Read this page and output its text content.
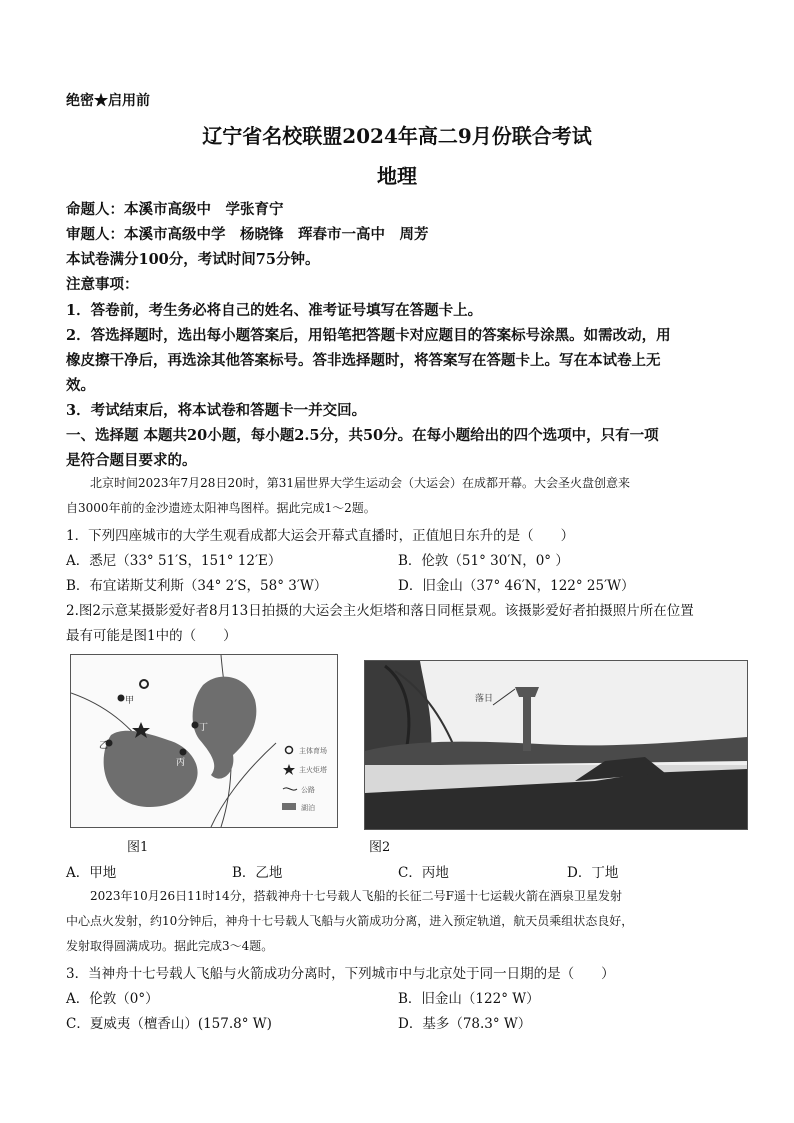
绝密★启用前
辽宁省名校联盟2024年高二9月份联合考试
地理
命题人：本溪市高级中　学张育宁
审题人：本溪市高级中学　杨晓锋　珲春市一高中　周芳
本试卷满分100分，考试时间75分钟。
注意事项：
1．答卷前，考生务必将自己的姓名、准考证号填写在答题卡上。
2．答选择题时，选出每小题答案后，用铅笔把答题卡对应题目的答案标号涂黑。如需改动，用
橡皮擦干净后，再选涂其他答案标号。答非选择题时，将答案写在答题卡上。写在本试卷上无
效。
3．考试结束后，将本试卷和答题卡一并交回。
一、选择题 本题共20小题，每小题2.5分，共50分。在每小题给出的四个选项中，只有一项
是符合题目要求的。
北京时间2023年7月28日20时，第31届世界大学生运动会（大运会）在成都开幕。大会圣火盘创意来
自3000年前的金沙遗迹太阳神鸟图样。据此完成1～2题。
1．下列四座城市的大学生观看成都大运会开幕式直播时，正值旭日东升的是（　　）
A．悉尼（33° 51′S，151° 12′E）	B．伦敦（51° 30′N，0° ）
B．布宜诺斯艾利斯（34° 2′S，58° 3′W）	D．旧金山（37° 46′N，122° 25′W）
2.图2示意某摄影爱好者8月13日拍摄的大运会主火炬塔和落日同框景观。该摄影爱好者拍摄照片所在位置
最有可能是图1中的（　　）
甲
乙
丙
丁
主体育场
主火炬塔
公路
湖泊
落日
图1	图2
A．甲地	B．乙地	C．丙地	D．丁地
2023年10月26日11时14分，搭载神舟十七号载人飞船的长征二号F遥十七运载火箭在酒泉卫星发射
中心点火发射，约10分钟后，神舟十七号载人飞船与火箭成功分离，进入预定轨道，航天员乘组状态良好，
发射取得圆满成功。据此完成3～4题。
3．当神舟十七号载人飞船与火箭成功分离时，下列城市中与北京处于同一日期的是（　　）
A．伦敦（0°）	B．旧金山（122° W）
C．夏威夷（檀香山）(157.8° W)	D．基多（78.3° W）
